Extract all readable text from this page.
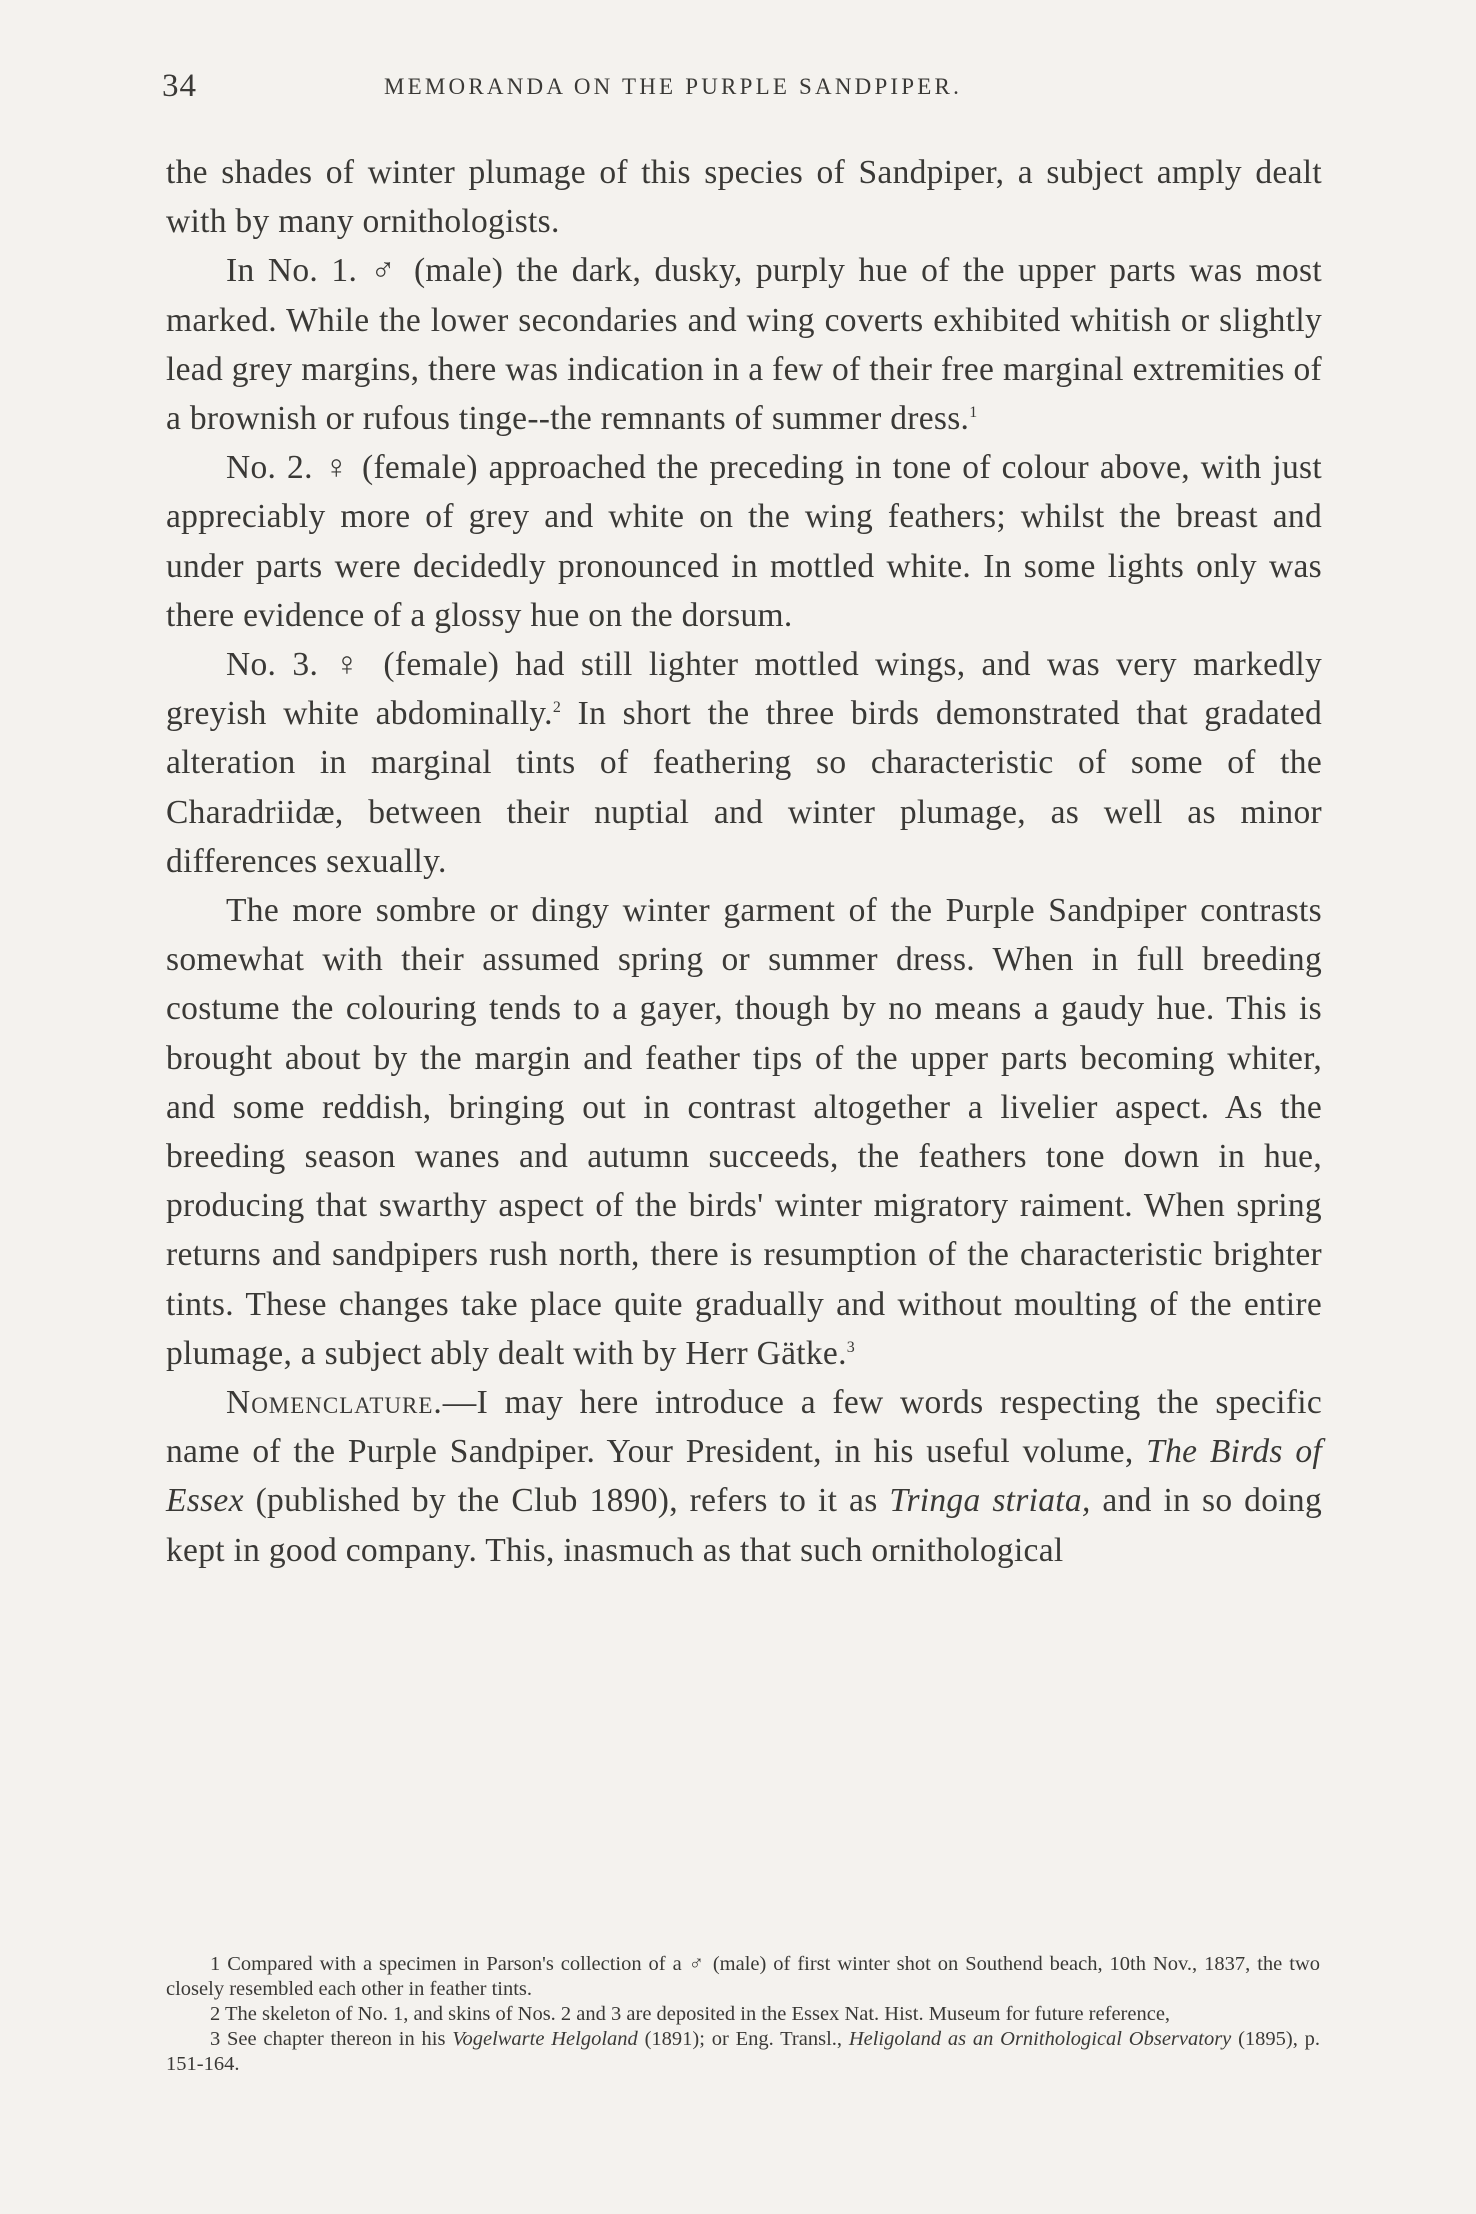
34	MEMORANDA ON THE PURPLE SANDPIPER.

the shades of winter plumage of this species of Sandpiper, a subject amply dealt with by many ornithologists.

In No. 1. ♂ (male) the dark, dusky, purply hue of the upper parts was most marked. While the lower secondaries and wing coverts exhibited whitish or slightly lead grey margins, there was indication in a few of their free marginal extremities of a brownish or rufous tinge--the remnants of summer dress.$^1$

No. 2. ♀ (female) approached the preceding in tone of colour above, with just appreciably more of grey and white on the wing feathers; whilst the breast and under parts were decidedly pronounced in mottled white. In some lights only was there evidence of a glossy hue on the dorsum.

No. 3. ♀ (female) had still lighter mottled wings, and was very markedly greyish white abdominally.$^2$ In short the three birds demonstrated that gradated alteration in marginal tints of feathering so characteristic of some of the Charadriidæ, between their nuptial and winter plumage, as well as minor differences sexually.

The more sombre or dingy winter garment of the Purple Sandpiper contrasts somewhat with their assumed spring or summer dress. When in full breeding costume the colouring tends to a gayer, though by no means a gaudy hue. This is brought about by the margin and feather tips of the upper parts becoming whiter, and some reddish, bringing out in contrast altogether a livelier aspect. As the breeding season wanes and autumn succeeds, the feathers tone down in hue, producing that swarthy aspect of the birds' winter migratory raiment. When spring returns and sandpipers rush north, there is resumption of the characteristic brighter tints. These changes take place quite gradually and without moulting of the entire plumage, a subject ably dealt with by Herr Gätke.$^3$

Nomenclature.—I may here introduce a few words respecting the specific name of the Purple Sandpiper. Your President, in his useful volume, The Birds of Essex (published by the Club 1890), refers to it as Tringa striata, and in so doing kept in good company. This, inasmuch as that such ornithological

1 Compared with a specimen in Parson's collection of a ♂ (male) of first winter shot on Southend beach, 10th Nov., 1837, the two closely resembled each other in feather tints.

2 The skeleton of No. 1, and skins of Nos. 2 and 3 are deposited in the Essex Nat. Hist. Museum for future reference,

3 See chapter thereon in his Vogelwarte Helgoland (1891); or Eng. Transl., Heligoland as an Ornithological Observatory (1895), p. 151-164.
